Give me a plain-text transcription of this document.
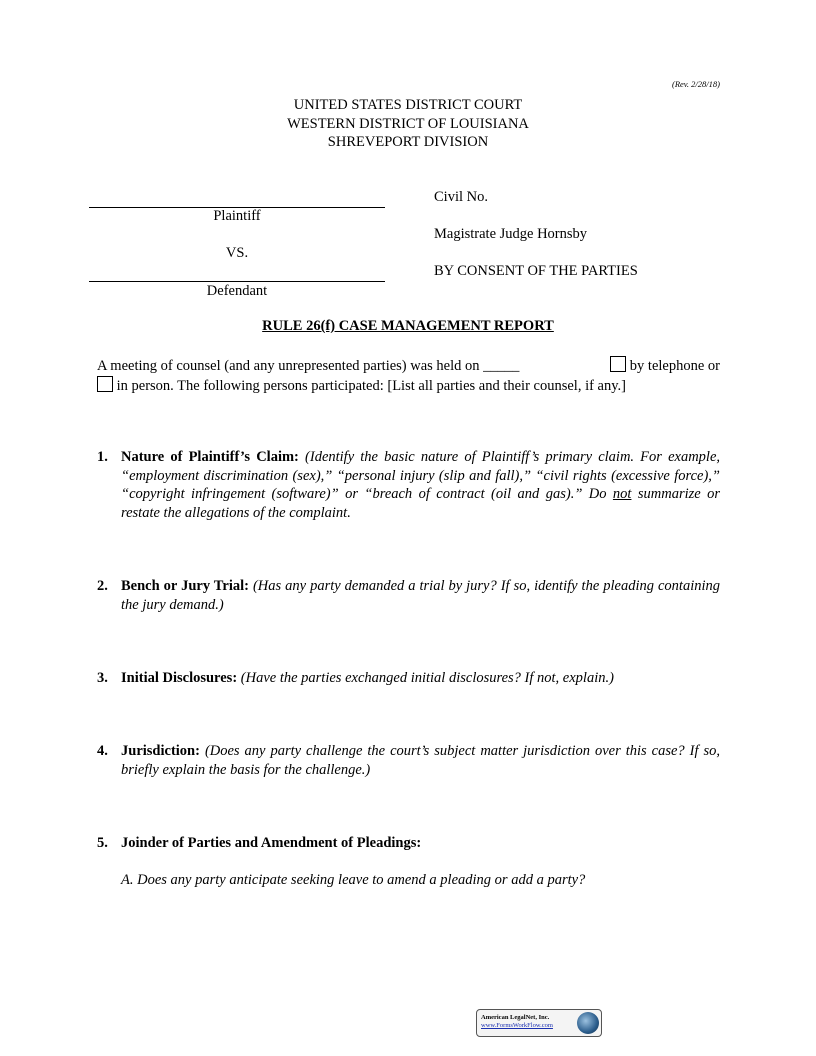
(Rev. 2/28/18)
UNITED STATES DISTRICT COURT
WESTERN DISTRICT OF LOUISIANA
SHREVEPORT DIVISION
Plaintiff
VS.
Defendant
Civil No.
Magistrate Judge Hornsby
BY CONSENT OF THE PARTIES
RULE 26(f) CASE MANAGEMENT REPORT
A meeting of counsel (and any unrepresented parties) was held on _____	by telephone or
in person. The following persons participated: [List all parties and their counsel, if any.]
1. Nature of Plaintiff’s Claim: (Identify the basic nature of Plaintiff’s primary claim. For example, “employment discrimination (sex),” “personal injury (slip and fall),” “civil rights (excessive force),” “copyright infringement (software)” or “breach of contract (oil and gas).” Do not summarize or restate the allegations of the complaint.
2. Bench or Jury Trial: (Has any party demanded a trial by jury? If so, identify the pleading containing the jury demand.)
3. Initial Disclosures: (Have the parties exchanged initial disclosures? If not, explain.)
4. Jurisdiction: (Does any party challenge the court’s subject matter jurisdiction over this case? If so, briefly explain the basis for the challenge.)
5. Joinder of Parties and Amendment of Pleadings:
A. Does any party anticipate seeking leave to amend a pleading or add a party?
American LegalNet, Inc.
www.FormsWorkFlow.com
